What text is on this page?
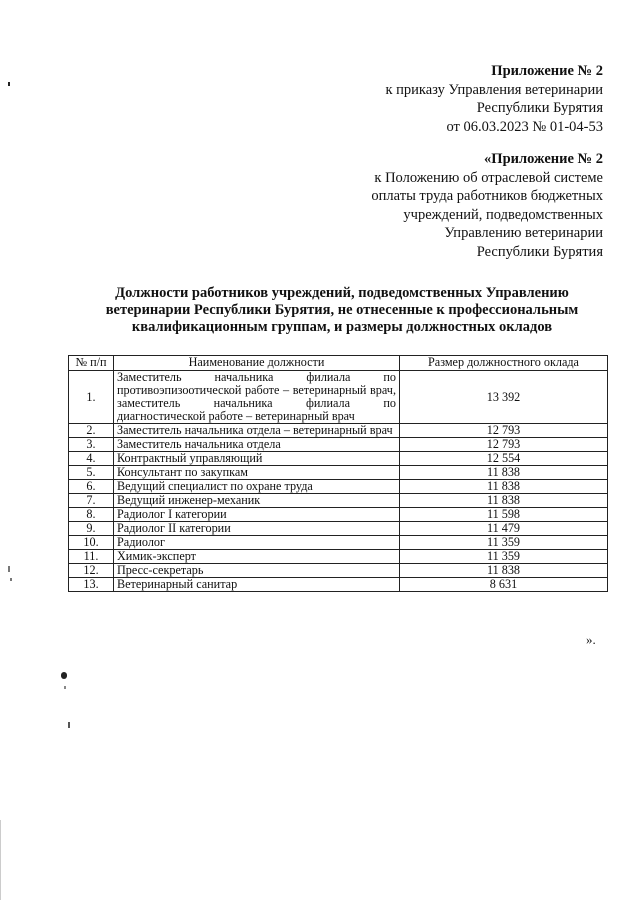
Приложение № 2
к приказу Управления ветеринарии
Республики Бурятия
от 06.03.2023 № 01-04-53
«Приложение № 2
к Положению об отраслевой системе
оплаты труда работников бюджетных
учреждений, подведомственных
Управлению ветеринарии
Республики Бурятия
Должности работников учреждений, подведомственных Управлению
ветеринарии Республики Бурятия, не отнесенные к профессиональным
квалификационным группам, и размеры должностных окладов
№ п/п	Наименование должности	Размер должностного оклада
1.	Заместитель начальника филиала по противоэпизоотической работе – ветеринарный врач, заместитель начальника филиала по диагностической работе – ветеринарный врач	13 392
2.	Заместитель начальника отдела – ветеринарный врач	12 793
3.	Заместитель начальника отдела	12 793
4.	Контрактный управляющий	12 554
5.	Консультант по закупкам	11 838
6.	Ведущий специалист по охране труда	11 838
7.	Ведущий инженер-механик	11 838
8.	Радиолог I категории	11 598
9.	Радиолог II категории	11 479
10.	Радиолог	11 359
11.	Химик-эксперт	11 359
12.	Пресс-секретарь	11 838
13.	Ветеринарный санитар	8 631
».
